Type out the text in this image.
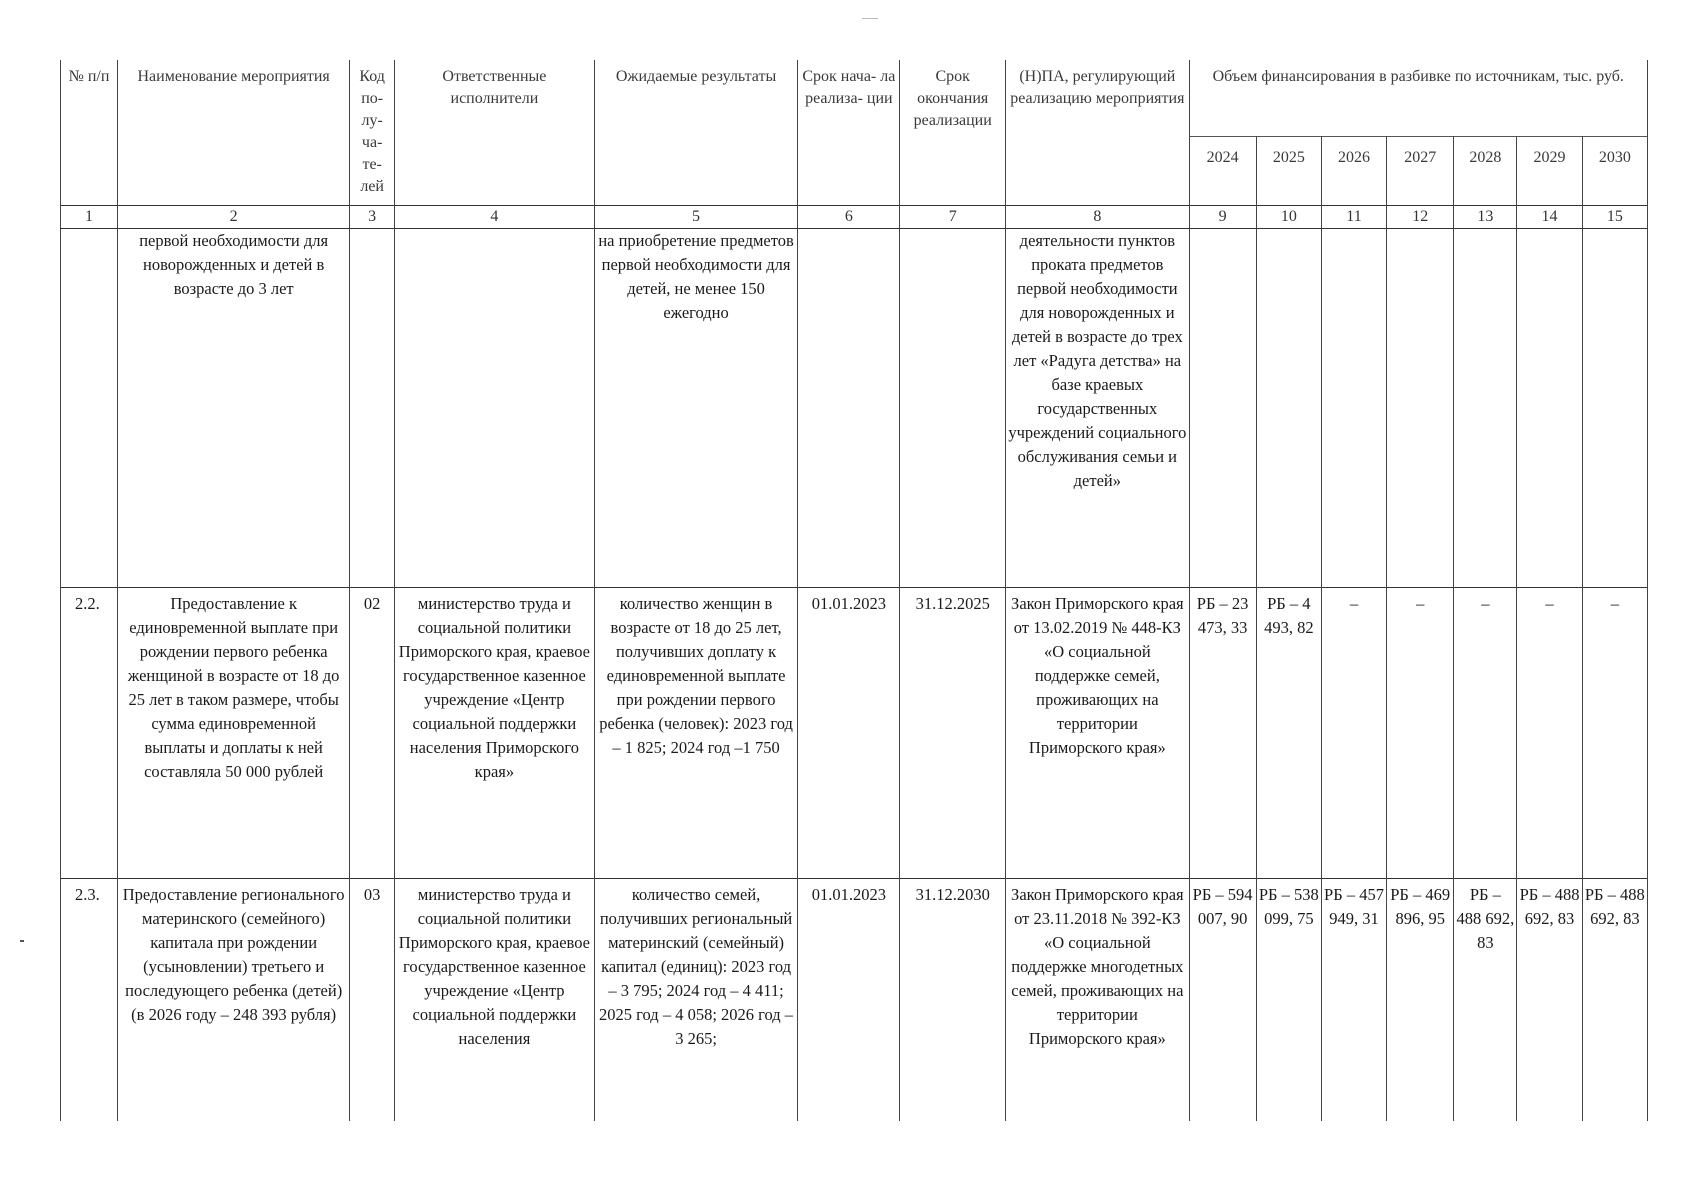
№ п/п	Наименование мероприятия	Код по- лу- ча- те- лей	Ответственные исполнители	Ожидаемые результаты	Срок нача- ла реализа- ции	Срок окончания реализации	(Н)ПА, регулирующий реализацию мероприятия	Объем финансирования в разбивке по источникам, тыс. руб.						
								2024	2025	2026	2027	2028	2029	2030
1	2	3	4	5	6	7	8	9	10	11	12	13	14	15
	первой необходимости для новорожденных и детей в возрасте до 3 лет			на приобретение предметов первой необходимости для детей, не менее 150 ежегодно			деятельности пунктов проката предметов первой необходимости для новорожденных и детей в возрасте до трех лет «Радуга детства» на базе краевых государственных учреждений социального обслуживания семьи и детей»							
2.2.	Предоставление к единовременной выплате при рождении первого ребенка женщиной в возрасте от 18 до 25 лет в таком размере, чтобы сумма единовременной выплаты и доплаты к ней составляла 50 000 рублей	02	министерство труда и социальной политики Приморского края, краевое государственное казенное учреждение «Центр социальной поддержки населения Приморского края»	количество женщин в возрасте от 18 до 25 лет, получивших доплату к единовременной выплате при рождении первого ребенка (человек): 2023 год – 1 825; 2024 год –1 750	01.01.2023	31.12.2025	Закон Приморского края от 13.02.2019 № 448-КЗ «О социальной поддержке семей, проживающих на территории Приморского края»	РБ – 23 473, 33	РБ – 4 493, 82	–	–	–	–	–
2.3.	Предоставление регионального материнского (семейного) капитала при рождении (усыновлении) третьего и последующего ребенка (детей) (в 2026 году – 248 393 рубля)	03	министерство труда и социальной политики Приморского края, краевое государственное казенное учреждение «Центр социальной поддержки населения	количество семей, получивших региональный материнский (семейный) капитал (единиц): 2023 год – 3 795; 2024 год – 4 411; 2025 год – 4 058; 2026 год – 3 265;	01.01.2023	31.12.2030	Закон Приморского края от 23.11.2018 № 392-КЗ «О социальной поддержке многодетных семей, проживающих на территории Приморского края»	РБ – 594 007, 90	РБ – 538 099, 75	РБ – 457 949, 31	РБ – 469 896, 95	РБ – 488 692, 83	РБ – 488 692, 83	РБ – 488 692, 83
